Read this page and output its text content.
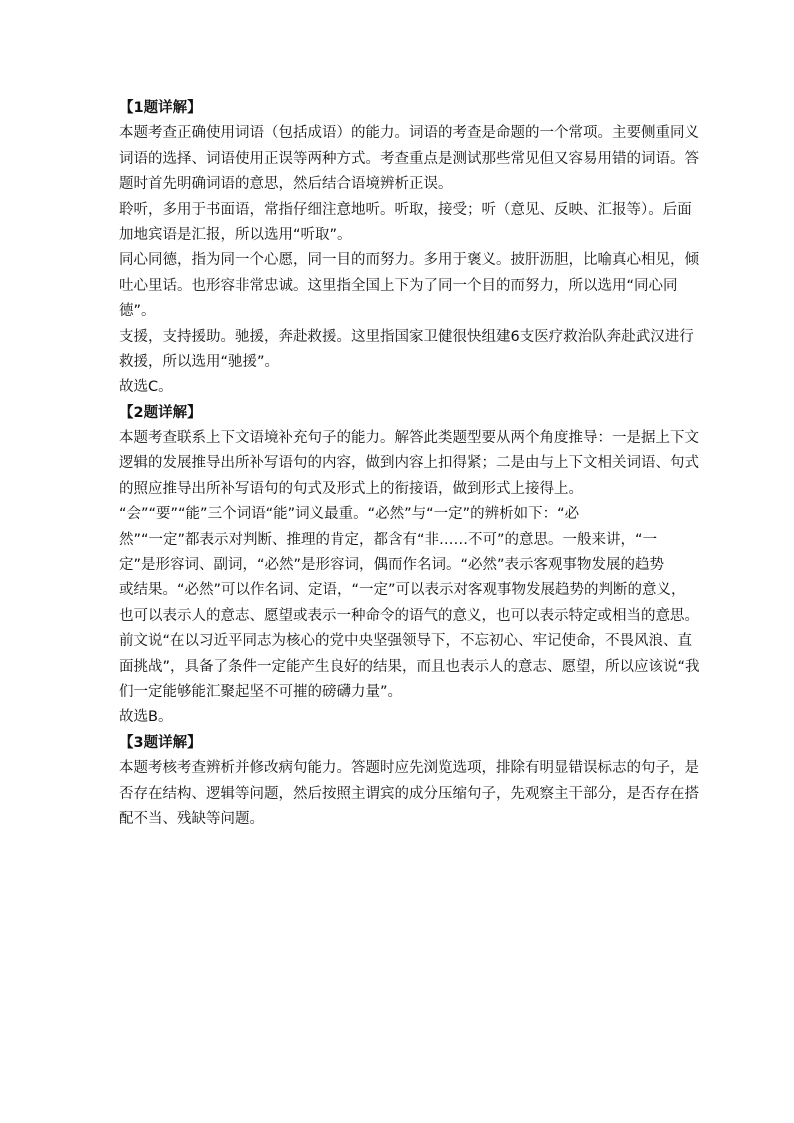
【1题详解】

本题考查正确使用词语（包括成语）的能力。词语的考查是命题的一个常项。主要侧重同义

词语的选择、词语使用正误等两种方式。考查重点是测试那些常见但又容易用错的词语。答

题时首先明确词语的意思，然后结合语境辨析正误。

聆听，多用于书面语，常指仔细注意地听。听取，接受；听（意见、反映、汇报等）。后面

加地宾语是汇报，所以选用“听取”。

同心同德，指为同一个心愿，同一目的而努力。多用于褒义。披肝沥胆，比喻真心相见，倾

吐心里话。也形容非常忠诚。这里指全国上下为了同一个目的而努力，所以选用“同心同

德”。

支援，支持援助。驰援，奔赴救援。这里指国家卫健很快组建6支医疗救治队奔赴武汉进行

救援，所以选用“驰援”。

故选C。

【2题详解】

本题考查联系上下文语境补充句子的能力。解答此类题型要从两个角度推导：一是据上下文

逻辑的发展推导出所补写语句的内容，做到内容上扣得紧；二是由与上下文相关词语、句式

的照应推导出所补写语句的句式及形式上的衔接语，做到形式上接得上。

“会”“要”“能”三个词语“能”词义最重。“必然”与“一定”的辨析如下：“必

然”“一定”都表示对判断、推理的肯定，都含有“非……不可”的意思。一般来讲，“一

定”是形容词、副词，“必然”是形容词，偶而作名词。“必然”表示客观事物发展的趋势

或结果。“必然”可以作名词、定语，“一定”可以表示对客观事物发展趋势的判断的意义，

也可以表示人的意志、愿望或表示一种命令的语气的意义，也可以表示特定或相当的意思。

前文说“在以习近平同志为核心的党中央坚强领导下，不忘初心、牢记使命，不畏风浪、直

面挑战”，具备了条件一定能产生良好的结果，而且也表示人的意志、愿望，所以应该说“我

们一定能够能汇聚起坚不可摧的磅礴力量”。

故选B。

【3题详解】

本题考核考查辨析并修改病句能力。答题时应先浏览选项，排除有明显错误标志的句子，是

否存在结构、逻辑等问题，然后按照主谓宾的成分压缩句子，先观察主干部分，是否存在搭

配不当、残缺等问题。
